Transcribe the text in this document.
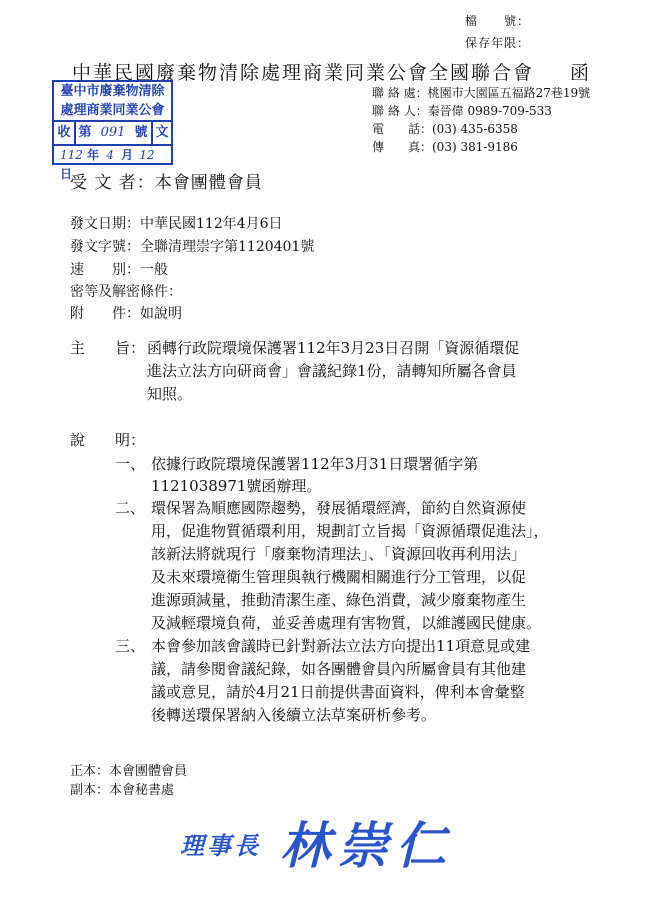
檔　　號：
保存年限：
中華民國廢棄物清除處理商業同業公會全國聯合會 函
聯 絡 處：桃園市大園區五福路27巷19號
聯 絡 人：秦晉偉 0989-709-533
電　　話：(03) 435-6358
傳　　真：(03) 381-9186
臺中市廢棄物清除
處理商業同業公會
收 第 091 號 文
112 年 4 月 12 日
受 文 者：本會團體會員
發文日期：中華民國112年4月6日
發文字號：全聯清理崇字第1120401號
速　　別：一般
密等及解密條件：
附　　件：如說明
主　　旨： 函轉行政院環境保護署112年3月23日召開「資源循環促
進法立法方向研商會」會議紀錄1份，請轉知所屬各會員
知照。
說　　明：
一、 依據行政院環境保護署112年3月31日環署循字第
1121038971號函辦理。
二、 環保署為順應國際趨勢，發展循環經濟，節約自然資源使
用，促進物質循環利用，規劃訂立旨揭「資源循環促進法」，
該新法將就現行「廢棄物清理法」、「資源回收再利用法」
及未來環境衛生管理與執行機關相關進行分工管理，以促
進源頭減量，推動清潔生產、綠色消費，減少廢棄物產生
及減輕環境負荷，並妥善處理有害物質，以維護國民健康。
三、 本會參加該會議時已針對新法立法方向提出11項意見或建
議，請參閱會議紀錄，如各團體會員內所屬會員有其他建
議或意見，請於4月21日前提供書面資料，俾利本會彙整
後轉送環保署納入後續立法草案研析參考。
正本：本會團體會員
副本：本會秘書處
理事長 林崇仁
